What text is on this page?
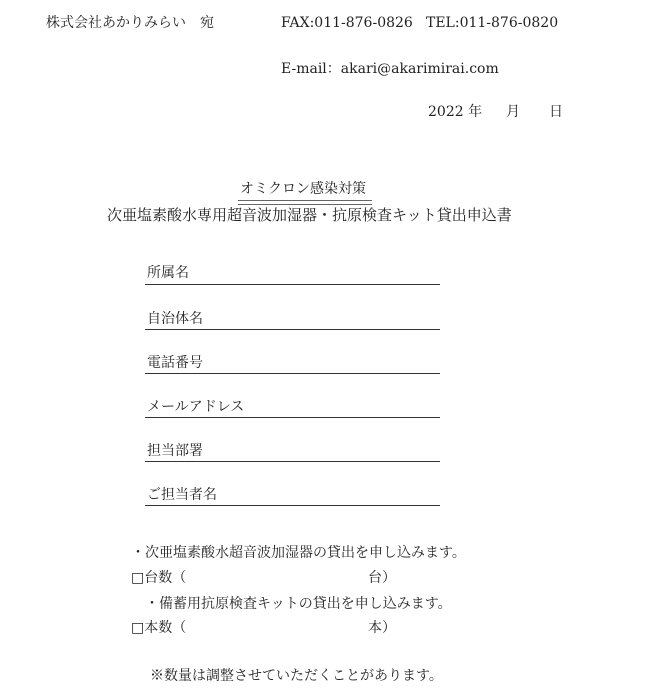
株式会社あかりみらい　宛	FAX:011-876-0826 TEL:011-876-0820
E-mail：akari@akarimirai.com
2022 年 月 日
オミクロン感染対策
次亜塩素酸水専用超音波加湿器・抗原検査キット貸出申込書
所属名
自治体名
電話番号
メールアドレス
担当部署
ご担当者名
・次亜塩素酸水超音波加湿器の貸出を申し込みます。
□台数（	台）
・備蓄用抗原検査キットの貸出を申し込みます。
□本数（	本）
※数量は調整させていただくことがあります。
